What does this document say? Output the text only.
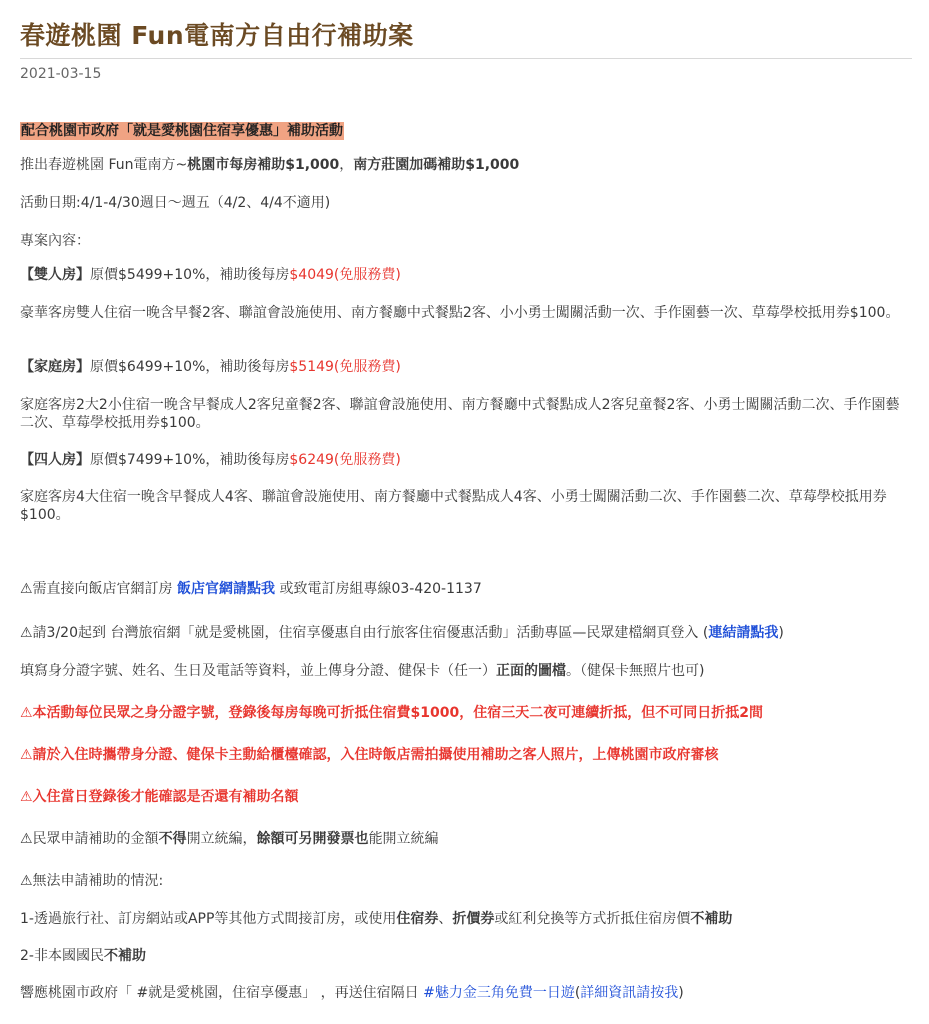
春遊桃園 Fun電南方自由行補助案
2021-03-15

配合桃園市政府「就是愛桃園住宿享優惠」補助活動

推出春遊桃園 Fun電南方~桃園市每房補助$1,000，南方莊園加碼補助$1,000

活動日期:4/1-4/30週日～週五（4/2、4/4不適用)

專案內容：

【雙人房】原價$5499+10%，補助後每房$4049(免服務費)

豪華客房雙人住宿一晚含早餐2客、聯誼會設施使用、南方餐廳中式餐點2客、小小勇士闖關活動一次、手作園藝一次、草莓學校抵用券$100。

【家庭房】原價$6499+10%，補助後每房$5149(免服務費)

家庭客房2大2小住宿一晚含早餐成人2客兒童餐2客、聯誼會設施使用、南方餐廳中式餐點成人2客兒童餐2客、小勇士闖關活動二次、手作園藝二次、草莓學校抵用券$100。

【四人房】原價$7499+10%，補助後每房$6249(免服務費)

家庭客房4大住宿一晚含早餐成人4客、聯誼會設施使用、南方餐廳中式餐點成人4客、小勇士闖關活動二次、手作園藝二次、草莓學校抵用券$100。

⚠需直接向飯店官網訂房 飯店官網請點我 或致電訂房組專線03-420-1137

⚠請3/20起到 台灣旅宿網「就是愛桃園，住宿享優惠自由行旅客住宿優惠活動」活動專區—民眾建檔網頁登入 (連結請點我)

填寫身分證字號、姓名、生日及電話等資料，並上傳身分證、健保卡（任一）正面的圖檔。（健保卡無照片也可)

⚠本活動每位民眾之身分證字號，登錄後每房每晚可折抵住宿費$1000，住宿三天二夜可連續折抵，但不可同日折抵2間

⚠請於入住時攜帶身分證、健保卡主動給櫃檯確認，入住時飯店需拍攝使用補助之客人照片，上傳桃園市政府審核

⚠入住當日登錄後才能確認是否還有補助名額

⚠民眾申請補助的金額不得開立統編，餘額可另開發票也能開立統編

⚠無法申請補助的情況:

1-透過旅行社、訂房網站或APP等其他方式間接訂房，或使用住宿券、折價券或紅利兌換等方式折抵住宿房價不補助

2-非本國國民不補助

響應桃園市政府「 #就是愛桃園，住宿享優惠」 ，再送住宿隔日 #魅力金三角免費一日遊(詳細資訊請按我)
